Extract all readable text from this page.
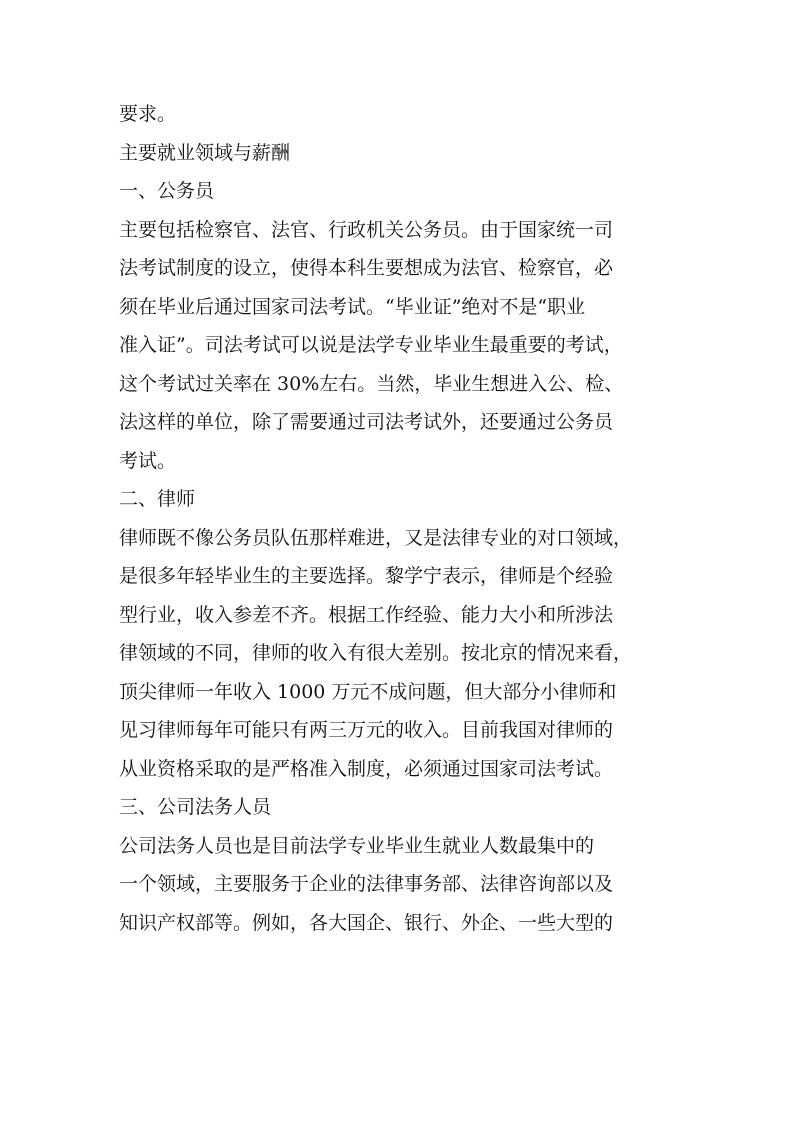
要求。
主要就业领域与薪酬
一、公务员
主要包括检察官、法官、行政机关公务员。由于国家统一司
法考试制度的设立，使得本科生要想成为法官、检察官，必
须在毕业后通过国家司法考试。“毕业证”绝对不是“职业
准入证”。司法考试可以说是法学专业毕业生最重要的考试，
这个考试过关率在 30%左右。当然，毕业生想进入公、检、
法这样的单位，除了需要通过司法考试外，还要通过公务员
考试。
二、律师
律师既不像公务员队伍那样难进，又是法律专业的对口领域，
是很多年轻毕业生的主要选择。黎学宁表示，律师是个经验
型行业，收入参差不齐。根据工作经验、能力大小和所涉法
律领域的不同，律师的收入有很大差别。按北京的情况来看，
顶尖律师一年收入 1000 万元不成问题，但大部分小律师和
见习律师每年可能只有两三万元的收入。目前我国对律师的
从业资格采取的是严格准入制度，必须通过国家司法考试。
三、公司法务人员
公司法务人员也是目前法学专业毕业生就业人数最集中的
一个领域，主要服务于企业的法律事务部、法律咨询部以及
知识产权部等。例如，各大国企、银行、外企、一些大型的
